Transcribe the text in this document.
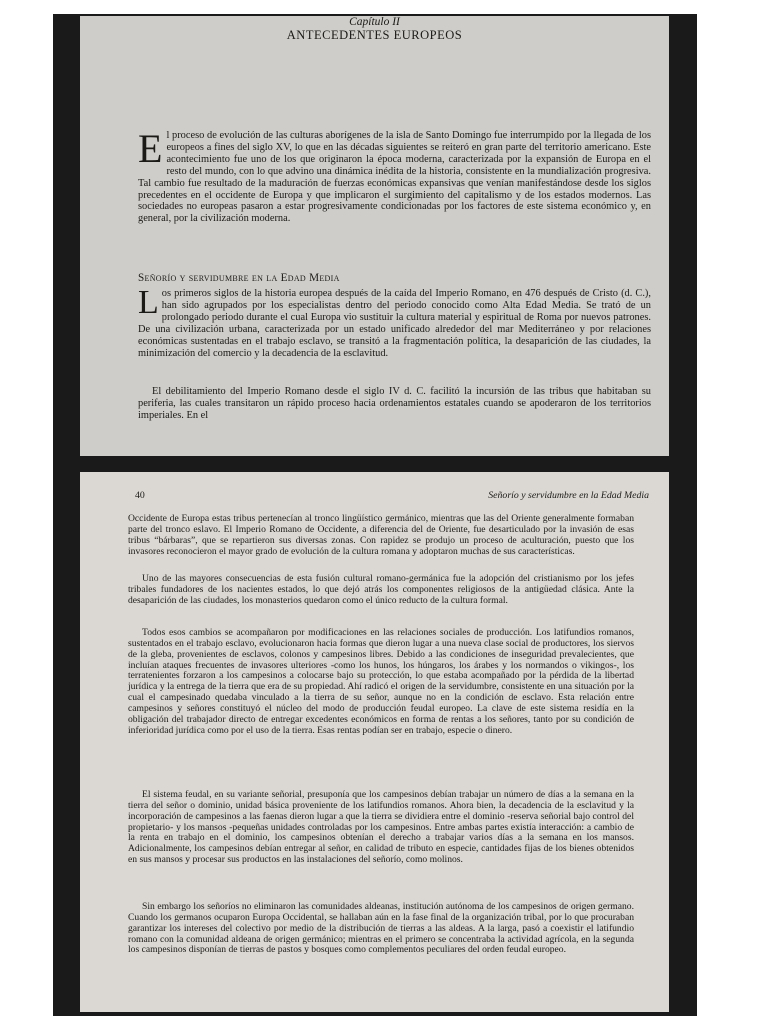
Capítulo II
ANTECEDENTES EUROPEOS

E l proceso de evolución de las culturas aborígenes de la isla de Santo Domingo fue interrumpido por la llegada de los europeos a fines del siglo XV, lo que en las décadas siguientes se reiteró en gran parte del territorio americano. Este acontecimiento fue uno de los que originaron la época moderna, caracterizada por la expansión de Europa en el resto del mundo, con lo que advino una dinámica inédita de la historia, consistente en la mundialización progresiva. Tal cambio fue resultado de la maduración de fuerzas económicas expansivas que venían manifestándose desde los siglos precedentes en el occidente de Europa y que implicaron el surgimiento del capitalismo y de los estados modernos. Las sociedades no europeas pasaron a estar progresivamente condicionadas por los factores de este sistema económico y, en general, por la civilización moderna.

Señorío y servidumbre en la Edad Media

L os primeros siglos de la historia europea después de la caída del Imperio Romano, en 476 después de Cristo (d. C.), han sido agrupados por los especialistas dentro del periodo conocido como Alta Edad Media. Se trató de un prolongado periodo durante el cual Europa vio sustituir la cultura material y espiritual de Roma por nuevos patrones. De una civilización urbana, caracterizada por un estado unificado alrededor del mar Mediterráneo y por relaciones económicas sustentadas en el trabajo esclavo, se transitó a la fragmentación política, la desaparición de las ciudades, la minimización del comercio y la decadencia de la esclavitud.

El debilitamiento del Imperio Romano desde el siglo IV d. C. facilitó la incursión de las tribus que habitaban su periferia, las cuales transitaron un rápido proceso hacia ordenamientos estatales cuando se apoderaron de los territorios imperiales. En el

40	Señorío y servidumbre en la Edad Media

Occidente de Europa estas tribus pertenecían al tronco lingüístico germánico, mientras que las del Oriente generalmente formaban parte del tronco eslavo. El Imperio Romano de Occidente, a diferencia del de Oriente, fue desarticulado por la invasión de esas tribus “bárbaras”, que se repartieron sus diversas zonas. Con rapidez se produjo un proceso de aculturación, puesto que los invasores reconocieron el mayor grado de evolución de la cultura romana y adoptaron muchas de sus características.

Uno de las mayores consecuencias de esta fusión cultural romano-germánica fue la adopción del cristianismo por los jefes tribales fundadores de los nacientes estados, lo que dejó atrás los componentes religiosos de la antigüedad clásica. Ante la desaparición de las ciudades, los monasterios quedaron como el único reducto de la cultura formal.

Todos esos cambios se acompañaron por modificaciones en las relaciones sociales de producción. Los latifundios romanos, sustentados en el trabajo esclavo, evolucionaron hacia formas que dieron lugar a una nueva clase social de productores, los siervos de la gleba, provenientes de esclavos, colonos y campesinos libres. Debido a las condiciones de inseguridad prevalecientes, que incluían ataques frecuentes de invasores ulteriores -como los hunos, los húngaros, los árabes y los normandos o vikingos-, los terratenientes forzaron a los campesinos a colocarse bajo su protección, lo que estaba acompañado por la pérdida de la libertad jurídica y la entrega de la tierra que era de su propiedad. Ahí radicó el origen de la servidumbre, consistente en una situación por la cual el campesinado quedaba vinculado a la tierra de su señor, aunque no en la condición de esclavo. Esta relación entre campesinos y señores constituyó el núcleo del modo de producción feudal europeo. La clave de este sistema residía en la obligación del trabajador directo de entregar excedentes económicos en forma de rentas a los señores, tanto por su condición de inferioridad jurídica como por el uso de la tierra. Esas rentas podían ser en trabajo, especie o dinero.

El sistema feudal, en su variante señorial, presuponía que los campesinos debían trabajar un número de días a la semana en la tierra del señor o dominio, unidad básica proveniente de los latifundios romanos. Ahora bien, la decadencia de la esclavitud y la incorporación de campesinos a las faenas dieron lugar a que la tierra se dividiera entre el dominio -reserva señorial bajo control del propietario- y los mansos -pequeñas unidades controladas por los campesinos. Entre ambas partes existía interacción: a cambio de la renta en trabajo en el dominio, los campesinos obtenían el derecho a trabajar varios días a la semana en los mansos. Adicionalmente, los campesinos debían entregar al señor, en calidad de tributo en especie, cantidades fijas de los bienes obtenidos en sus mansos y procesar sus productos en las instalaciones del señorío, como molinos.

Sin embargo los señoríos no eliminaron las comunidades aldeanas, institución autónoma de los campesinos de origen germano. Cuando los germanos ocuparon Europa Occidental, se hallaban aún en la fase final de la organización tribal, por lo que procuraban garantizar los intereses del colectivo por medio de la distribución de tierras a las aldeas. A la larga, pasó a coexistir el latifundio romano con la comunidad aldeana de origen germánico; mientras en el primero se concentraba la actividad agrícola, en la segunda los campesinos disponían de tierras de pastos y bosques como complementos peculiares del orden feudal europeo.
